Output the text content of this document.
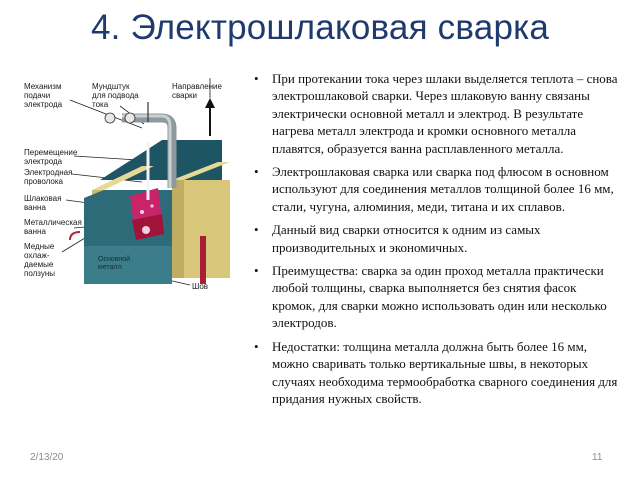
4. Электрошлаковая сварка
Механизм
подачи
электрода
Мундштук
для подвода
тока
Направление
сварки
Перемещение
электрода
Электродная
проволока
Шлаковая
ванна
Металлическая
ванна
Медные
охлаж-
даемые
ползуны
Основной
металл
Шов
• При протекании тока через шлаки выделяется теплота – снова электрошлаковой сварки. Через шлаковую ванну связаны электрически основной металл и электрод. В результате нагрева металл электрода и кромки основного металла плавятся, образуется ванна расплавленного металла.
• Электрошлаковая сварка или сварка под флюсом в основном используют для соединения металлов толщиной более 16 мм, стали, чугуна, алюминия, меди, титана и их сплавов.
• Данный вид сварки относится к одним из самых производительных и экономичных.
• Преимущества: сварка за один проход металла практически любой толщины, сварка выполняется без снятия фасок кромок, для сварки можно использовать один или несколько электродов.
• Недостатки: толщина металла должна быть более 16 мм, можно сваривать только вертикальные швы, в некоторых случаях необходима термообработка сварного соединения для придания нужных свойств.
2/13/20	11
